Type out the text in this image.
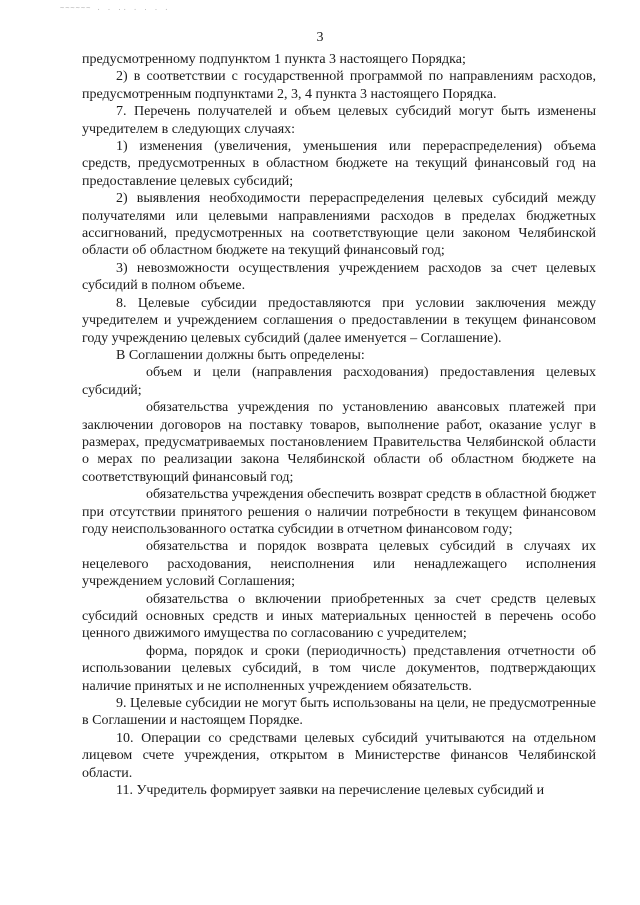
~~~~~~ . . .. . . . .
3

предусмотренному подпунктом 1 пункта 3 настоящего Порядка;

2) в соответствии с государственной программой по направлениям расходов, предусмотренным подпунктами 2, 3, 4 пункта 3 настоящего Порядка.

7. Перечень получателей и объем целевых субсидий могут быть изменены учредителем в следующих случаях:

1) изменения (увеличения, уменьшения или перераспределения) объема средств, предусмотренных в областном бюджете на текущий финансовый год на предоставление целевых субсидий;

2) выявления необходимости перераспределения целевых субсидий между получателями или целевыми направлениями расходов в пределах бюджетных ассигнований, предусмотренных на соответствующие цели законом Челябинской области об областном бюджете на текущий финансовый год;

3) невозможности осуществления учреждением расходов за счет целевых субсидий в полном объеме.

8. Целевые субсидии предоставляются при условии заключения между учредителем и учреждением соглашения о предоставлении в текущем финансовом году учреждению целевых субсидий (далее именуется – Соглашение).

В Соглашении должны быть определены:

объем и цели (направления расходования) предоставления целевых субсидий;

обязательства учреждения по установлению авансовых платежей при заключении договоров на поставку товаров, выполнение работ, оказание услуг в размерах, предусматриваемых постановлением Правительства Челябинской области о мерах по реализации закона Челябинской области об областном бюджете на соответствующий финансовый год;

обязательства учреждения обеспечить возврат средств в областной бюджет при отсутствии принятого решения о наличии потребности в текущем финансовом году неиспользованного остатка субсидии в отчетном финансовом году;

обязательства и порядок возврата целевых субсидий в случаях их нецелевого расходования, неисполнения или ненадлежащего исполнения учреждением условий Соглашения;

обязательства о включении приобретенных за счет средств целевых субсидий основных средств и иных материальных ценностей в перечень особо ценного движимого имущества по согласованию с учредителем;

форма, порядок и сроки (периодичность) представления отчетности об использовании целевых субсидий, в том числе документов, подтверждающих наличие принятых и не исполненных учреждением обязательств.

9. Целевые субсидии не могут быть использованы на цели, не предусмотренные в Соглашении и настоящем Порядке.

10. Операции со средствами целевых субсидий учитываются на отдельном лицевом счете учреждения, открытом в Министерстве финансов Челябинской области.

11. Учредитель формирует заявки на перечисление целевых субсидий и
